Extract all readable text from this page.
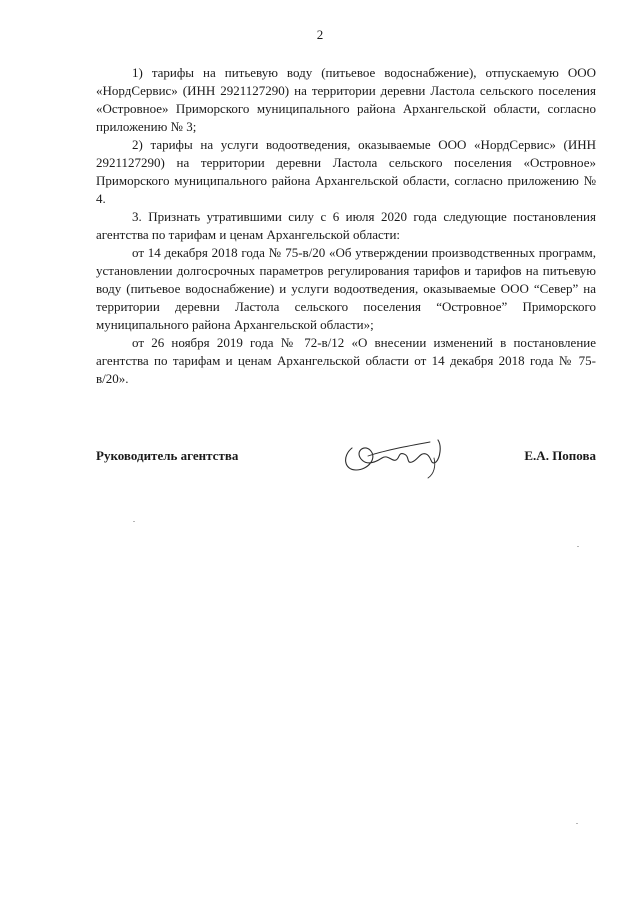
2

1) тарифы на питьевую воду (питьевое водоснабжение), отпускаемую ООО «НордСервис» (ИНН 2921127290) на территории деревни Ластола сельского поселения «Островное» Приморского муниципального района Архангельской области, согласно приложению № 3;

2) тарифы на услуги водоотведения, оказываемые ООО «НордСервис» (ИНН 2921127290) на территории деревни Ластола сельского поселения «Островное» Приморского муниципального района Архангельской области, согласно приложению № 4.

3. Признать утратившими силу с 6 июля 2020 года следующие постановления агентства по тарифам и ценам Архангельской области:

от 14 декабря 2018 года № 75-в/20 «Об утверждении производственных программ, установлении долгосрочных параметров регулирования тарифов и тарифов на питьевую воду (питьевое водоснабжение) и услуги водоотведения, оказываемые ООО “Север” на территории деревни Ластола сельского поселения “Островное” Приморского муниципального района Архангельской области»;

от 26 ноября 2019 года № 72-в/12 «О внесении изменений в постановление агентства по тарифам и ценам Архангельской области от 14 декабря 2018 года № 75-в/20».

Руководитель агентства	Е.А. Попова
